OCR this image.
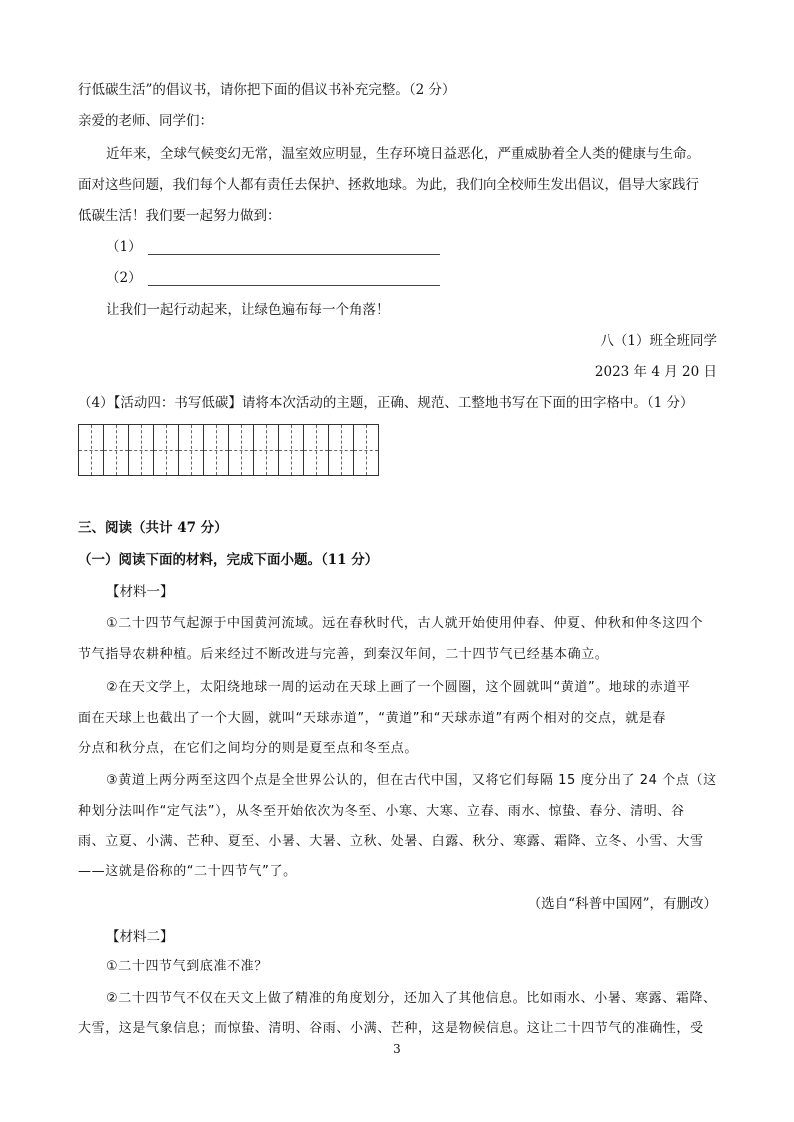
行低碳生活”的倡议书，请你把下面的倡议书补充完整。（2 分）
亲爱的老师、同学们：
近年来，全球气候变幻无常，温室效应明显，生存环境日益恶化，严重威胁着全人类的健康与生命。
面对这些问题，我们每个人都有责任去保护、拯救地球。为此，我们向全校师生发出倡议，倡导大家践行
低碳生活！我们要一起努力做到：
（1）
（2）
让我们一起行动起来，让绿色遍布每一个角落！
八（1）班全班同学
2023 年 4 月 20 日
（4）【活动四：书写低碳】请将本次活动的主题，正确、规范、工整地书写在下面的田字格中。（1 分）
三、阅读（共计 47 分）
（一）阅读下面的材料，完成下面小题。（11 分）
【材料一】
①二十四节气起源于中国黄河流域。远在春秋时代，古人就开始使用仲春、仲夏、仲秋和仲冬这四个
节气指导农耕种植。后来经过不断改进与完善，到秦汉年间，二十四节气已经基本确立。
②在天文学上，太阳绕地球一周的运动在天球上画了一个圆圈，这个圆就叫“黄道”。地球的赤道平
面在天球上也截出了一个大圆，就叫“天球赤道”，“黄道”和“天球赤道”有两个相对的交点，就是春
分点和秋分点，在它们之间均分的则是夏至点和冬至点。
③黄道上两分两至这四个点是全世界公认的，但在古代中国，又将它们每隔 15 度分出了 24 个点（这
种划分法叫作“定气法”），从冬至开始依次为冬至、小寒、大寒、立春、雨水、惊蛰、春分、清明、谷
雨、立夏、小满、芒种、夏至、小暑、大暑、立秋、处暑、白露、秋分、寒露、霜降、立冬、小雪、大雪
——这就是俗称的“二十四节气”了。
（选自“科普中国网”，有删改）
【材料二】
①二十四节气到底准不准？
②二十四节气不仅在天文上做了精准的角度划分，还加入了其他信息。比如雨水、小暑、寒露、霜降、
大雪，这是气象信息；而惊蛰、清明、谷雨、小满、芒种，这是物候信息。这让二十四节气的准确性，受
3
